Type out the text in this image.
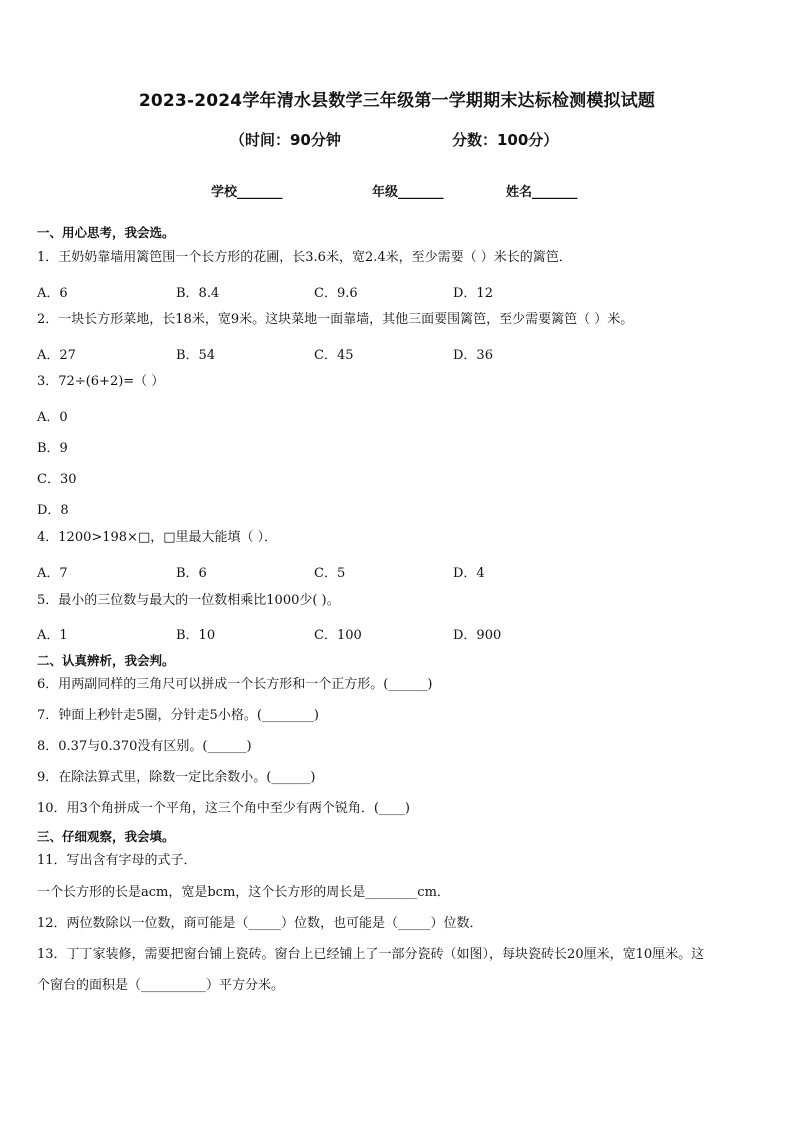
2023-2024学年清水县数学三年级第一学期期末达标检测模拟试题
（时间：90分钟	分数：100分）
学校_______	年级_______	姓名_______
一、用心思考，我会选。
1．王奶奶靠墙用篱笆围一个长方形的花圃，长3.6米，宽2.4米，至少需要（ ）米长的篱笆．
A．6	B．8.4	C．9.6	D．12
2．一块长方形菜地，长18米，宽9米。这块菜地一面靠墙，其他三面要围篱笆，至少需要篱笆（ ）米。
A．27	B．54	C．45	D．36
3．72÷(6+2)=（ ）
A．0
B．9
C．30
D．8
4．1200>198×□，□里最大能填（ ）．
A．7	B．6	C．5	D．4
5．最小的三位数与最大的一位数相乘比1000少( )。
A．1	B．10	C．100	D．900
二、认真辨析，我会判。
6．用两副同样的三角尺可以拼成一个长方形和一个正方形。(______)
7．钟面上秒针走5圈，分针走5小格。(________)
8．0.37与0.370没有区别。(______)
9．在除法算式里，除数一定比余数小。(______)
10．用3个角拼成一个平角，这三个角中至少有两个锐角．(____)
三、仔细观察，我会填。
11．写出含有字母的式子．
一个长方形的长是acm，宽是bcm，这个长方形的周长是________cm．
12．两位数除以一位数，商可能是（_____）位数，也可能是（_____）位数．
13．丁丁家装修，需要把窗台铺上瓷砖。窗台上已经铺上了一部分瓷砖（如图），每块瓷砖长20厘米，宽10厘米。这
个窗台的面积是（__________）平方分米。
